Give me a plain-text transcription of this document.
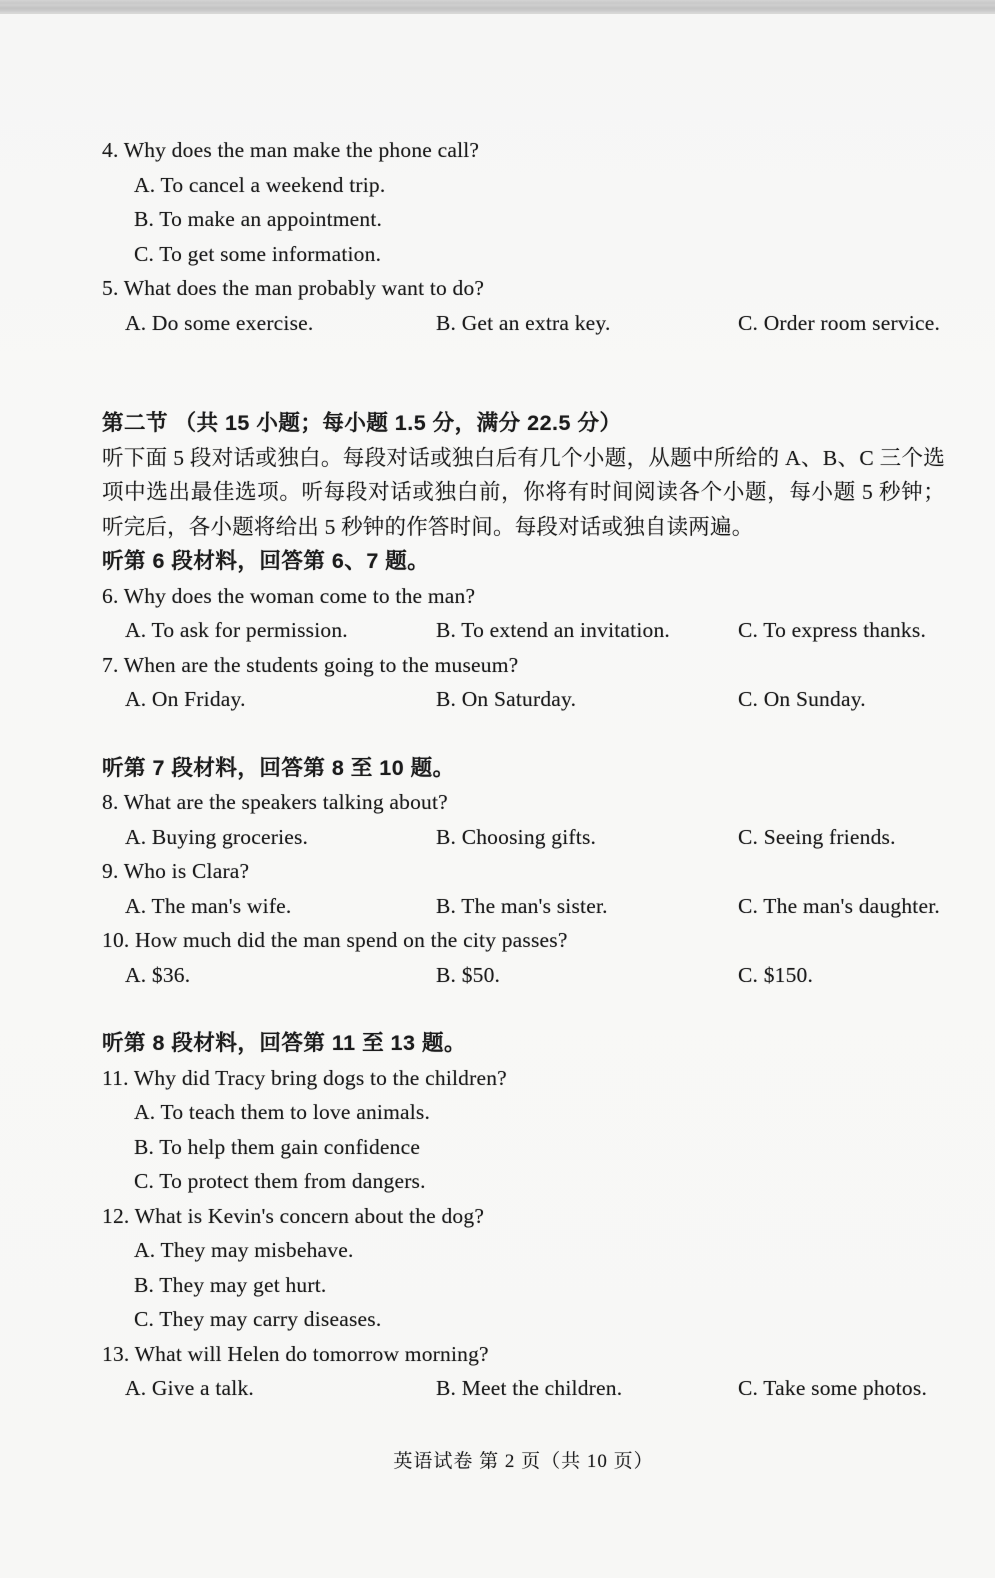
4. Why does the man make the phone call?
A. To cancel a weekend trip.
B. To make an appointment.
C. To get some information.
5. What does the man probably want to do?
A. Do some exercise.	B. Get an extra key.	C. Order room service.
第二节 （共 15 小题；每小题 1.5 分，满分 22.5 分）
听下面 5 段对话或独白。每段对话或独白后有几个小题，从题中所给的 A、B、C 三个选项中选出最佳选项。听每段对话或独白前，你将有时间阅读各个小题，每小题 5 秒钟；听完后，各小题将给出 5 秒钟的作答时间。每段对话或独自读两遍。
听第 6 段材料，回答第 6、7 题。
6. Why does the woman come to the man?
A. To ask for permission.	B. To extend an invitation.	C. To express thanks.
7. When are the students going to the museum?
A. On Friday.	B. On Saturday.	C. On Sunday.
听第 7 段材料，回答第 8 至 10 题。
8. What are the speakers talking about?
A. Buying groceries.	B. Choosing gifts.	C. Seeing friends.
9. Who is Clara?
A. The man's wife.	B. The man's sister.	C. The man's daughter.
10. How much did the man spend on the city passes?
A. $36.	B. $50.	C. $150.
听第 8 段材料，回答第 11 至 13 题。
11. Why did Tracy bring dogs to the children?
A. To teach them to love animals.
B. To help them gain confidence
C. To protect them from dangers.
12. What is Kevin's concern about the dog?
A. They may misbehave.
B. They may get hurt.
C. They may carry diseases.
13. What will Helen do tomorrow morning?
A. Give a talk.	B. Meet the children.	C. Take some photos.
英语试卷 第 2 页（共 10 页）
